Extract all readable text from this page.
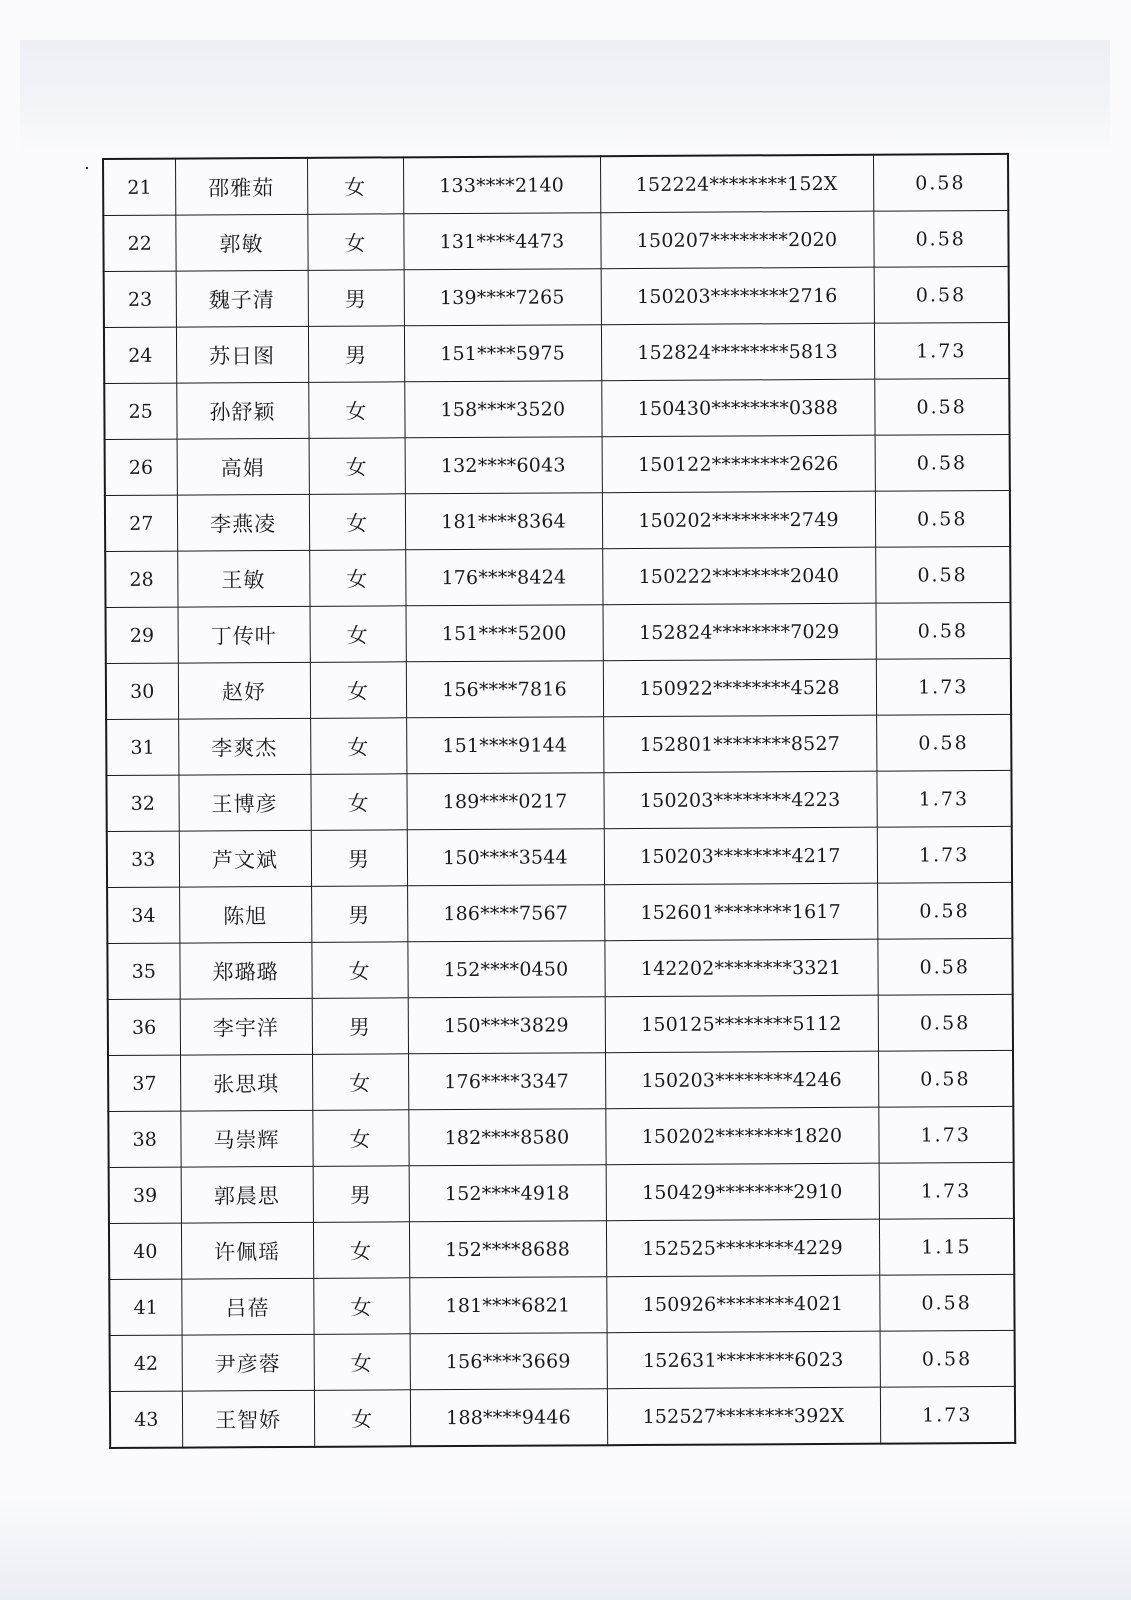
21	邵雅茹	女	133****2140	152224********152X	0.58
22	郭敏	女	131****4473	150207********2020	0.58
23	魏子清	男	139****7265	150203********2716	0.58
24	苏日图	男	151****5975	152824********5813	1.73
25	孙舒颖	女	158****3520	150430********0388	0.58
26	高娟	女	132****6043	150122********2626	0.58
27	李燕凌	女	181****8364	150202********2749	0.58
28	王敏	女	176****8424	150222********2040	0.58
29	丁传叶	女	151****5200	152824********7029	0.58
30	赵妤	女	156****7816	150922********4528	1.73
31	李爽杰	女	151****9144	152801********8527	0.58
32	王博彦	女	189****0217	150203********4223	1.73
33	芦文斌	男	150****3544	150203********4217	1.73
34	陈旭	男	186****7567	152601********1617	0.58
35	郑璐璐	女	152****0450	142202********3321	0.58
36	李宇洋	男	150****3829	150125********5112	0.58
37	张思琪	女	176****3347	150203********4246	0.58
38	马崇辉	女	182****8580	150202********1820	1.73
39	郭晨思	男	152****4918	150429********2910	1.73
40	许佩瑶	女	152****8688	152525********4229	1.15
41	吕蓓	女	181****6821	150926********4021	0.58
42	尹彦蓉	女	156****3669	152631********6023	0.58
43	王智娇	女	188****9446	152527********392X	1.73
